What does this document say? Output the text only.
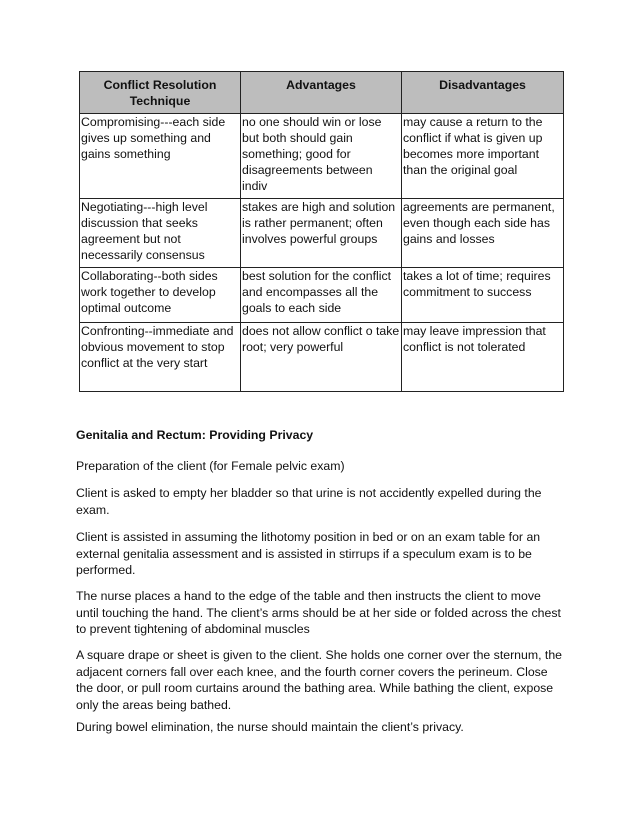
Conflict Resolution Technique	Advantages	Disadvantages
Compromising---each side gives up something and gains something	no one should win or lose but both should gain something; good for disagreements between indiv	may cause a return to the conflict if what is given up becomes more important than the original goal
Negotiating---high level discussion that seeks agreement but not necessarily consensus	stakes are high and solution is rather permanent; often involves powerful groups	agreements are permanent, even though each side has gains and losses
Collaborating--both sides work together to develop optimal outcome	best solution for the conflict and encompasses all the goals to each side	takes a lot of time; requires commitment to success
Confronting--immediate and obvious movement to stop conflict at the very start	does not allow conflict o take root; very powerful	may leave impression that conflict is not tolerated

Genitalia and Rectum: Providing Privacy

Preparation of the client (for Female pelvic exam)

Client is asked to empty her bladder so that urine is not accidently expelled during the exam.

Client is assisted in assuming the lithotomy position in bed or on an exam table for an external genitalia assessment and is assisted in stirrups if a speculum exam is to be performed.

The nurse places a hand to the edge of the table and then instructs the client to move until touching the hand. The client’s arms should be at her side or folded across the chest to prevent tightening of abdominal muscles

A square drape or sheet is given to the client. She holds one corner over the sternum, the adjacent corners fall over each knee, and the fourth corner covers the perineum. Close the door, or pull room curtains around the bathing area. While bathing the client, expose only the areas being bathed.

During bowel elimination, the nurse should maintain the client’s privacy.
